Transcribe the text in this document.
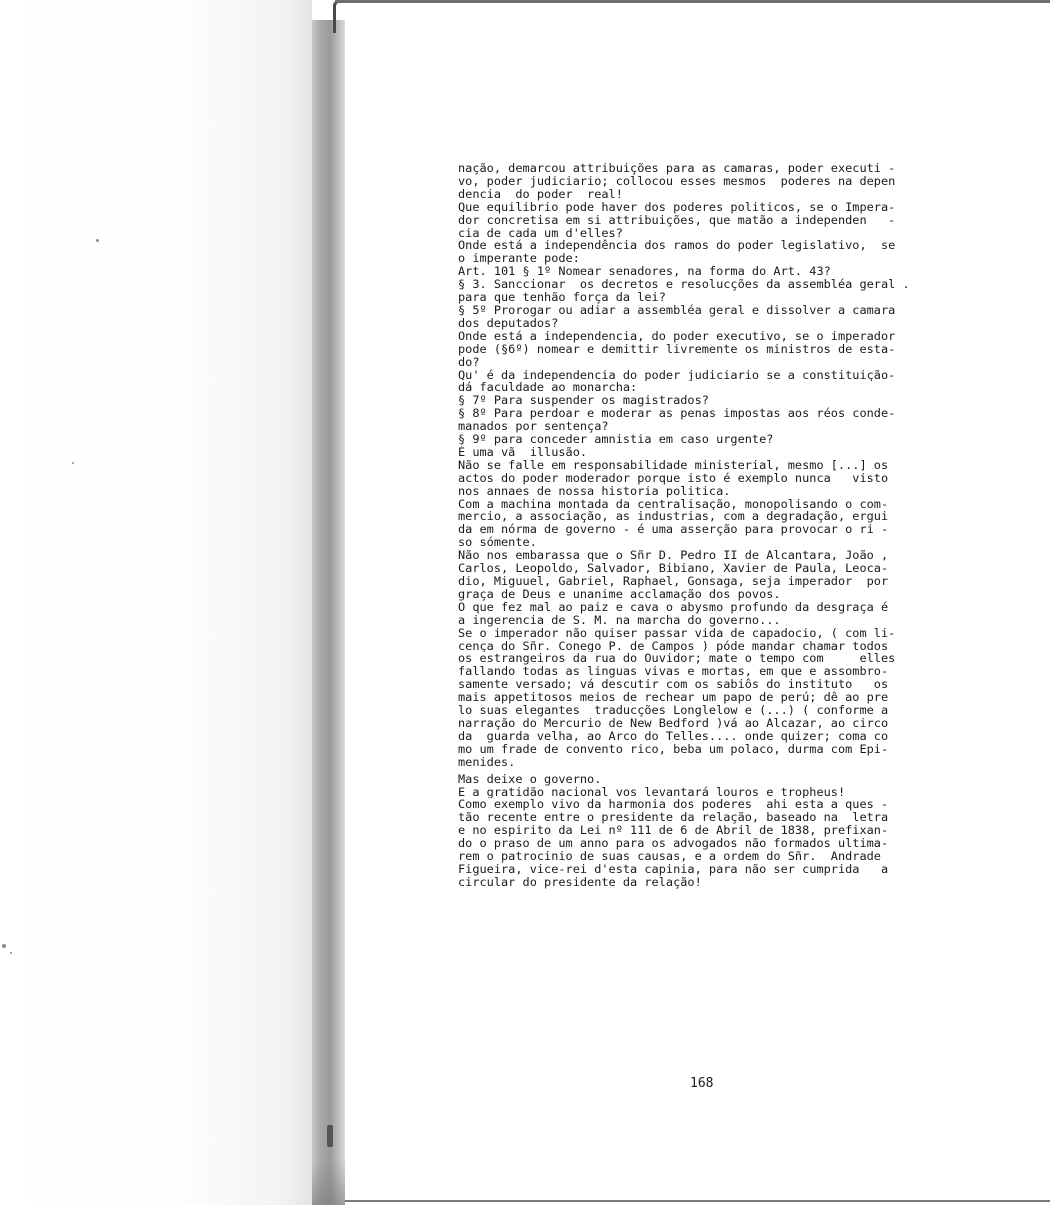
nação, demarcou attribuições para as camaras, poder executi -
vo, poder judiciario; collocou esses mesmos  poderes na depen
dencia  do poder  real!
Que equilibrio pode haver dos poderes politicos, se o Impera-
dor concretisa em si attribuições, que matão a independen   -
cia de cada um d'elles?
Onde está a independência dos ramos do poder legislativo,  se
o imperante pode:
Art. 101 § 1º Nomear senadores, na forma do Art. 43?
§ 3. Sanccionar  os decretos e resolucções da assembléa geral .
para que tenhão força da lei?
§ 5º Prorogar ou adiar a assembléa geral e dissolver a camara
dos deputados?
Onde está a independencia, do poder executivo, se o imperador
pode (§6º) nomear e demittir livremente os ministros de esta-
do?
Qu' é da independencia do poder judiciario se a constituição-
dá faculdade ao monarcha:
§ 7º Para suspender os magistrados?
§ 8º Para perdoar e moderar as penas impostas aos réos conde-
manados por sentença?
§ 9º para conceder amnistia em caso urgente?
É uma vã  illusão.
Não se falle em responsabilidade ministerial, mesmo [...] os
actos do poder moderador porque isto é exemplo nunca   visto
nos annaes de nossa historia politica.
Com a machina montada da centralisação, monopolisando o com-
mercio, a associação, as industrias, com a degradação, ergui
da em nórma de governo - é uma asserção para provocar o ri -
so sómente.
Não nos embarassa que o Sñr D. Pedro II de Alcantara, João ,
Carlos, Leopoldo, Salvador, Bibiano, Xavier de Paula, Leoca-
dio, Miguuel, Gabriel, Raphael, Gonsaga, seja imperador  por
graça de Deus e unanime acclamação dos povos.
O que fez mal ao paiz e cava o abysmo profundo da desgraça é
a ingerencia de S. M. na marcha do governo...
Se o imperador não quiser passar vida de capadocio, ( com li-
cença do Sñr. Conego P. de Campos ) póde mandar chamar todos
os estrangeiros da rua do Ouvidor; mate o tempo com     elles
fallando todas as linguas vivas e mortas, em que e assombro-
samente versado; vá descutir com os sabiôs do instituto   os
mais appetitosos meios de rechear um papo de perú; dê ao pre
lo suas elegantes  traducções Longlelow e (...) ( conforme a
narração do Mercurio de New Bedford )vá ao Alcazar, ao circo
da  guarda velha, ao Arco do Telles.... onde quizer; coma co
mo um frade de convento rico, beba um polaco, durma com Epi-
menides.
Mas deixe o governo.
E a gratidão nacional vos levantará louros e tropheus!
Como exemplo vivo da harmonia dos poderes  ahi esta a ques -
tão recente entre o presidente da relação, baseado na  letra
e no espirito da Lei nº 111 de 6 de Abril de 1838, prefixan-
do o praso de um anno para os advogados não formados ultima-
rem o patrocinio de suas causas, e a ordem do Sñr.  Andrade
Figueira, vice-rei d'esta capinia, para não ser cumprida   a
circular do presidente da relação!
168
